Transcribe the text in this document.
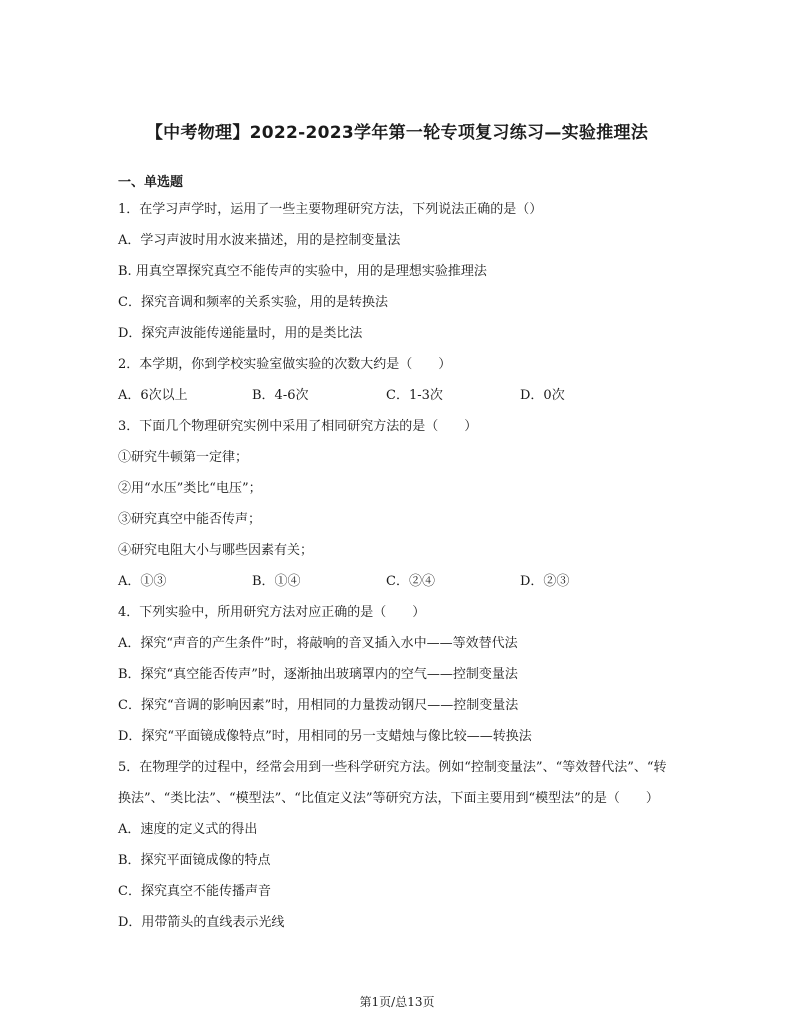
【中考物理】2022-2023学年第一轮专项复习练习—实验推理法
一、单选题
1．在学习声学时，运用了一些主要物理研究方法，下列说法正确的是（）
A．学习声波时用水波来描述，用的是控制变量法
B. 用真空罩探究真空不能传声的实验中，用的是理想实验推理法
C．探究音调和频率的关系实验，用的是转换法
D．探究声波能传递能量时，用的是类比法
2．本学期，你到学校实验室做实验的次数大约是（　　）
A．6次以上	B．4-6次	C．1-3次	D．0次
3．下面几个物理研究实例中采用了相同研究方法的是（　　）
①研究牛顿第一定律；
②用“水压”类比“电压”；
③研究真空中能否传声；
④研究电阻大小与哪些因素有关；
A．①③	B．①④	C．②④	D．②③
4．下列实验中，所用研究方法对应正确的是（　　）
A．探究“声音的产生条件”时，将敲响的音叉插入水中——等效替代法
B．探究“真空能否传声”时，逐渐抽出玻璃罩内的空气——控制变量法
C．探究“音调的影响因素”时，用相同的力量拨动钢尺——控制变量法
D．探究“平面镜成像特点”时，用相同的另一支蜡烛与像比较——转换法
5．在物理学的过程中，经常会用到一些科学研究方法。例如“控制变量法”、“等效替代法”、“转
换法”、“类比法”、“模型法”、“比值定义法”等研究方法，下面主要用到“模型法”的是（　　）
A．速度的定义式的得出
B．探究平面镜成像的特点
C．探究真空不能传播声音
D．用带箭头的直线表示光线
第1页/总13页
